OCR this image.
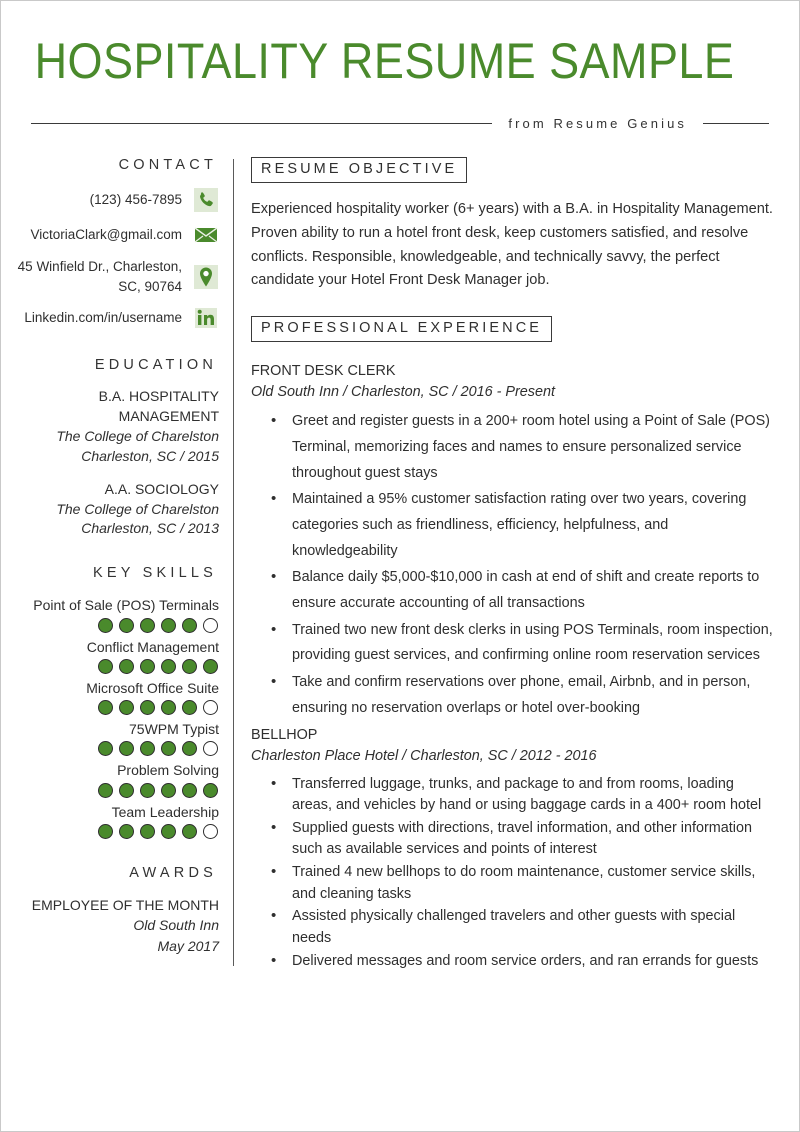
HOSPITALITY RESUME SAMPLE
from Resume Genius
CONTACT
(123) 456-7895
VictoriaClark@gmail.com
45 Winfield Dr., Charleston, SC, 90764
Linkedin.com/in/username
EDUCATION
B.A. HOSPITALITY MANAGEMENT
The College of Charelston
Charleston, SC / 2015
A.A. SOCIOLOGY
The College of Charelston
Charleston, SC / 2013
KEY SKILLS
Point of Sale (POS) Terminals
Conflict Management
Microsoft Office Suite
75WPM Typist
Problem Solving
Team Leadership
AWARDS
EMPLOYEE OF THE MONTH
Old South Inn
May 2017
RESUME OBJECTIVE

Experienced hospitality worker (6+ years) with a B.A. in Hospitality Management. Proven ability to run a hotel front desk, keep customers satisfied, and resolve conflicts. Responsible, knowledgeable, and technically savvy, the perfect candidate your Hotel Front Desk Manager job.

PROFESSIONAL EXPERIENCE
FRONT DESK CLERK
Old South Inn / Charleston, SC / 2016 - Present
• Greet and register guests in a 200+ room hotel using a Point of Sale (POS) Terminal, memorizing faces and names to ensure personalized service throughout guest stays
• Maintained a 95% customer satisfaction rating over two years, covering categories such as friendliness, efficiency, helpfulness, and knowledgeability
• Balance daily $5,000-$10,000 in cash at end of shift and create reports to ensure accurate accounting of all transactions
• Trained two new front desk clerks in using POS Terminals, room inspection, providing guest services, and confirming online room reservation services
• Take and confirm reservations over phone, email, Airbnb, and in person, ensuring no reservation overlaps or hotel over-booking
BELLHOP
Charleston Place Hotel / Charleston, SC / 2012 - 2016
• Transferred luggage, trunks, and package to and from rooms, loading areas, and vehicles by hand or using baggage cards in a 400+ room hotel
• Supplied guests with directions, travel information, and other information such as available services and points of interest
• Trained 4 new bellhops to do room maintenance, customer service skills, and cleaning tasks
• Assisted physically challenged travelers and other guests with special needs
• Delivered messages and room service orders, and ran errands for guests
